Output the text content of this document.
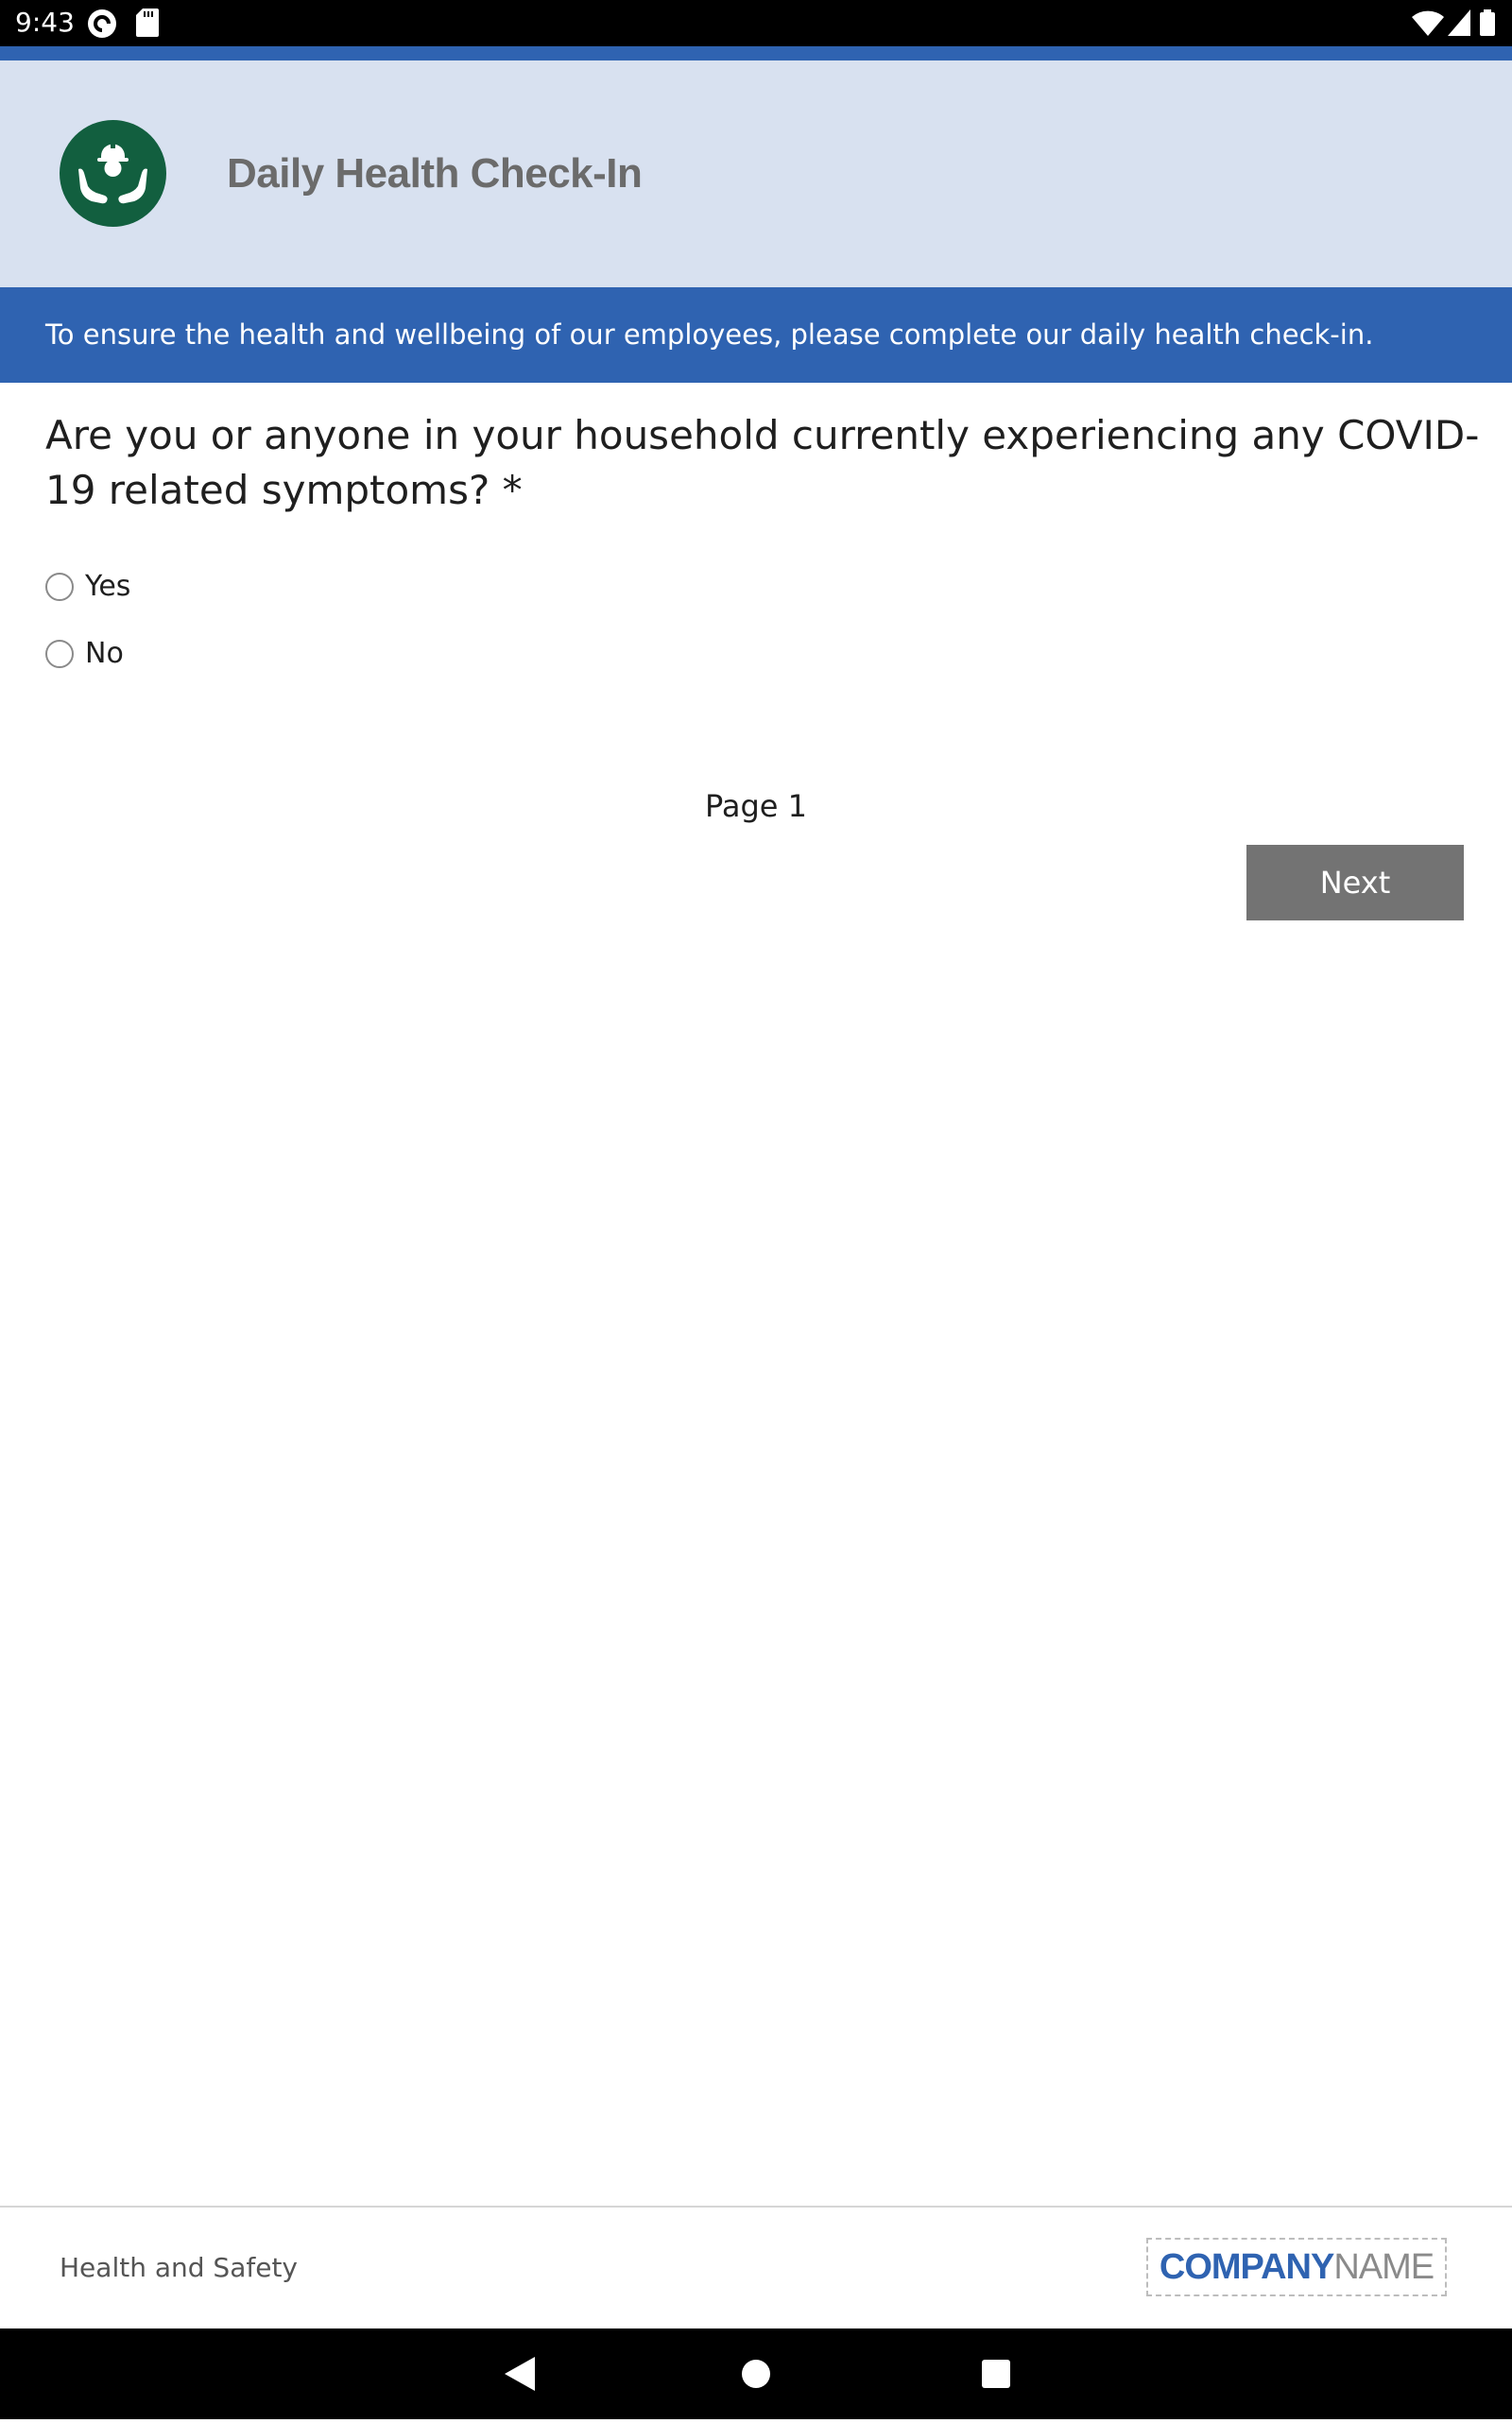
9:43
Daily Health Check-In
To ensure the health and wellbeing of our employees, please complete our daily health check-in.
Are you or anyone in your household currently experiencing any COVID-19 related symptoms? *
Yes
No
Page 1
Next
Health and Safety	COMPANY NAME
